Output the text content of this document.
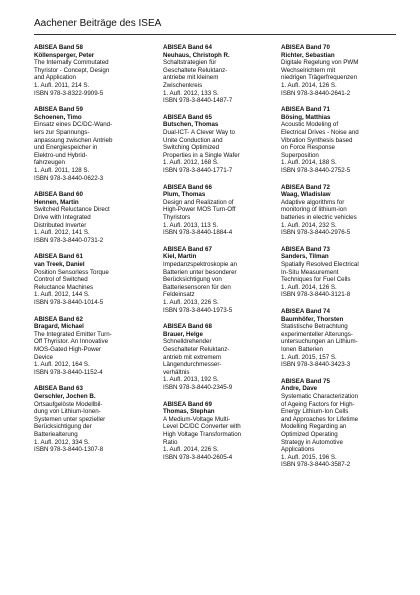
Aachener Beiträge des ISEA
ABISEA Band 58
Köllensperger, Peter
The Internally Commutated
Thyristor - Concept, Design
and Application
1. Aufl. 2011, 214 S.
ISBN 978-3-8322-9909-5
ABISEA Band 59
Schoenen, Timo
Einsatz eines DC/DC-Wand-
lers zur Spannungs-
anpassung zwischen Antrieb
und Energiespeicher in
Elektro-und Hybrid-
fahrzeugen
1. Aufl. 2011, 128 S.
ISBN 978-3-8440-0622-3
ABISEA Band 60
Hennen, Martin
Switched Reluctance Direct
Drive with Integrated
Distributed Inverter
1. Aufl. 2012, 141 S.
ISBN 978-3-8440-0731-2
ABISEA Band 61
van Treek, Daniel
Position Sensorless Torque
Control of Switched
Reluctance Machines
1. Aufl. 2012, 144 S.
ISBN 978-3-8440-1014-5
ABISEA Band 62
Bragard, Michael
The Integrated Emitter Turn-
Off Thyristor. An Innovative
MOS-Gated High-Power
Device
1. Aufl. 2012, 164 S.
ISBN 978-3-8440-1152-4
ABISEA Band 63
Gerschler, Jochen B.
Ortsaufgelöste Modellbil-
dung von Lithium-Ionen-
Systemen unter spezieller
Berücksichtigung der
Batteriealterung
1. Aufl. 2012, 334 S.
ISBN 978-3-8440-1307-8
ABISEA Band 64
Neuhaus, Christoph R.
Schaltstrategien für
Geschaltete Reluktanz-
antriebe mit kleinem
Zwischenkreis
1. Aufl. 2012, 133 S.
ISBN 978-3-8440-1487-7
ABISEA Band 65
Butschen, Thomas
Dual-ICT- A Clever Way to
Unite Conduction and
Switching Optimized
Properties in a Single Wafer
1. Aufl. 2012, 168 S.
ISBN 978-3-8440-1771-7
ABISEA Band 66
Plum, Thomas
Design and Realization of
High-Power MOS Turn-Off
Thyristors
1. Aufl. 2013, 113 S.
ISBN 978-3-8440-1884-4
ABISEA Band 67
Kiel, Martin
Impedanzspektroskopie an
Batterien unter besonderer
Berücksichtigung von
Batteriesensoren für den
Feldeinsatz
1. Aufl. 2013, 226 S.
ISBN 978-3-8440-1973-5
ABISEA Band 68
Brauer, Helge
Schnelldrehender
Geschalteter Reluktanz-
antrieb mit extremem
Längendurchmesser-
verhältnis
1. Aufl. 2013, 192 S.
ISBN 978-3-8440-2345-9
ABISEA Band 69
Thomas, Stephan
A Medium-Voltage Multi-
Level DC/DC Converter with
High Voltage Transformation
Ratio
1. Aufl. 2014, 226 S.
ISBN 978-3-8440-2605-4
ABISEA Band 70
Richter, Sebastian
Digitale Regelung von PWM
Wechselrichtern mit
niedrigen Trägerfrequenzen
1. Aufl. 2014, 126 S.
ISBN 978-3-8440-2641-2
ABISEA Band 71
Bösing, Matthias
Acoustic Modeling of
Electrical Drives - Noise and
Vibration Synthesis based
on Force Response
Superposition
1. Aufl. 2014, 188 S.
ISBN 978-3-8440-2752-5
ABISEA Band 72
Waag, Wladislaw
Adaptive algorithms for
monitoring of lithium-ion
batteries in electric vehicles
1. Aufl. 2014, 232 S.
ISBN 978-3-8440-2976-5
ABISEA Band 73
Sanders, Tilman
Spatially Resolved Electrical
In-Situ Measurement
Techniques for Fuel Cells
1. Aufl. 2014, 126 S.
ISBN 978-3-8440-3121-8
ABISEA Band 74
Baumhöfer, Thorsten
Statistische Betrachtung
experimenteller Alterungs-
untersuchungen an Lithium-
Ionen Batterien
1. Aufl. 2015, 157 S.
ISBN 978-3-8440-3423-3
ABISEA Band 75
Andre, Dave
Systematic Characterization
of Ageing Factors for High-
Energy Lithium-Ion Cells
and Approaches for Lifetime
Modelling Regarding an
Optimized Operating
Strategy in Automotive
Applications
1. Aufl. 2015, 196 S.
ISBN 978-3-8440-3587-2
